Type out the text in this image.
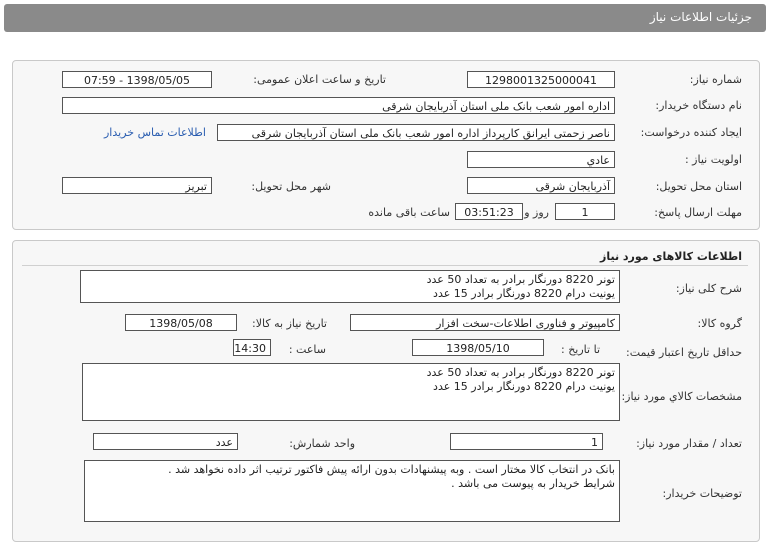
جزئیات اطلاعات نیاز
شماره نیاز:
1298001325000041
تاریخ و ساعت اعلان عمومی:
1398/05/05 - 07:59
نام دستگاه خریدار:
اداره امور شعب بانک ملی استان آذربایجان شرقی
ایجاد کننده درخواست:
ناصر زحمتی ایرانق کارپرداز اداره امور شعب بانک ملی استان آذربایجان شرقی
اطلاعات تماس خریدار
اولویت نیاز :
عادي
استان محل تحویل:
آذربایجان شرقی
شهر محل تحویل:
تبریز
مهلت ارسال پاسخ:
1
روز و
03:51:23
ساعت باقی مانده
اطلاعات کالاهای مورد نیاز
شرح کلی نیاز:
تونر 8220 دورنگار برادر به تعداد 50 عدد
یونیت درام 8220 دورنگار برادر 15 عدد
گروه کالا:
کامپیوتر و فناوری اطلاعات-سخت افزار
تاریخ نیاز به کالا:
1398/05/08
حداقل تاریخ اعتبار قیمت:
تا تاریخ :
1398/05/10
ساعت :
14:30
مشخصات کالاي مورد نیاز:
تونر 8220 دورنگار برادر به تعداد 50 عدد
یونیت درام 8220 دورنگار برادر 15 عدد
تعداد / مقدار مورد نیاز:
1
واحد شمارش:
عدد
توضیحات خریدار:
بانک در انتخاب کالا مختار است . وبه پیشنهادات بدون ارائه پیش فاکتور ترتیب اثر داده نخواهد شد .
شرایط خریدار به پیوست می باشد .
